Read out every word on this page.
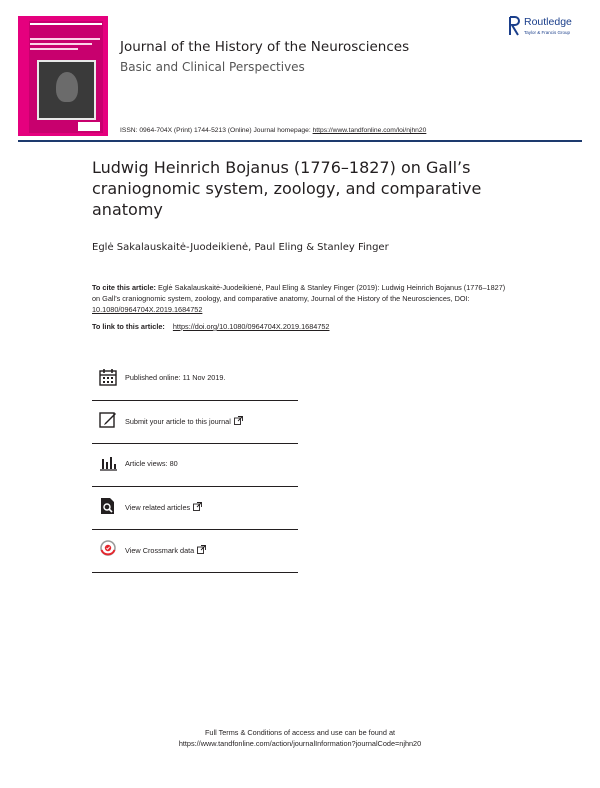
Routledge
Taylor & Francis Group
Journal of the History of the Neurosciences
Basic and Clinical Perspectives
ISSN: 0964-704X (Print) 1744-5213 (Online) Journal homepage: https://www.tandfonline.com/loi/njhn20
Ludwig Heinrich Bojanus (1776–1827) on Gall’s craniognomic system, zoology, and comparative anatomy
Eglė Sakalauskaitė-Juodeikienė, Paul Eling & Stanley Finger
To cite this article: Eglė Sakalauskaitė-Juodeikienė, Paul Eling & Stanley Finger (2019): Ludwig Heinrich Bojanus (1776–1827) on Gall’s craniognomic system, zoology, and comparative anatomy, Journal of the History of the Neurosciences, DOI: 10.1080/0964704X.2019.1684752
To link to this article: https://doi.org/10.1080/0964704X.2019.1684752
Published online: 11 Nov 2019.
Submit your article to this journal
Article views: 80
View related articles
View Crossmark data
Full Terms & Conditions of access and use can be found at
https://www.tandfonline.com/action/journalInformation?journalCode=njhn20
